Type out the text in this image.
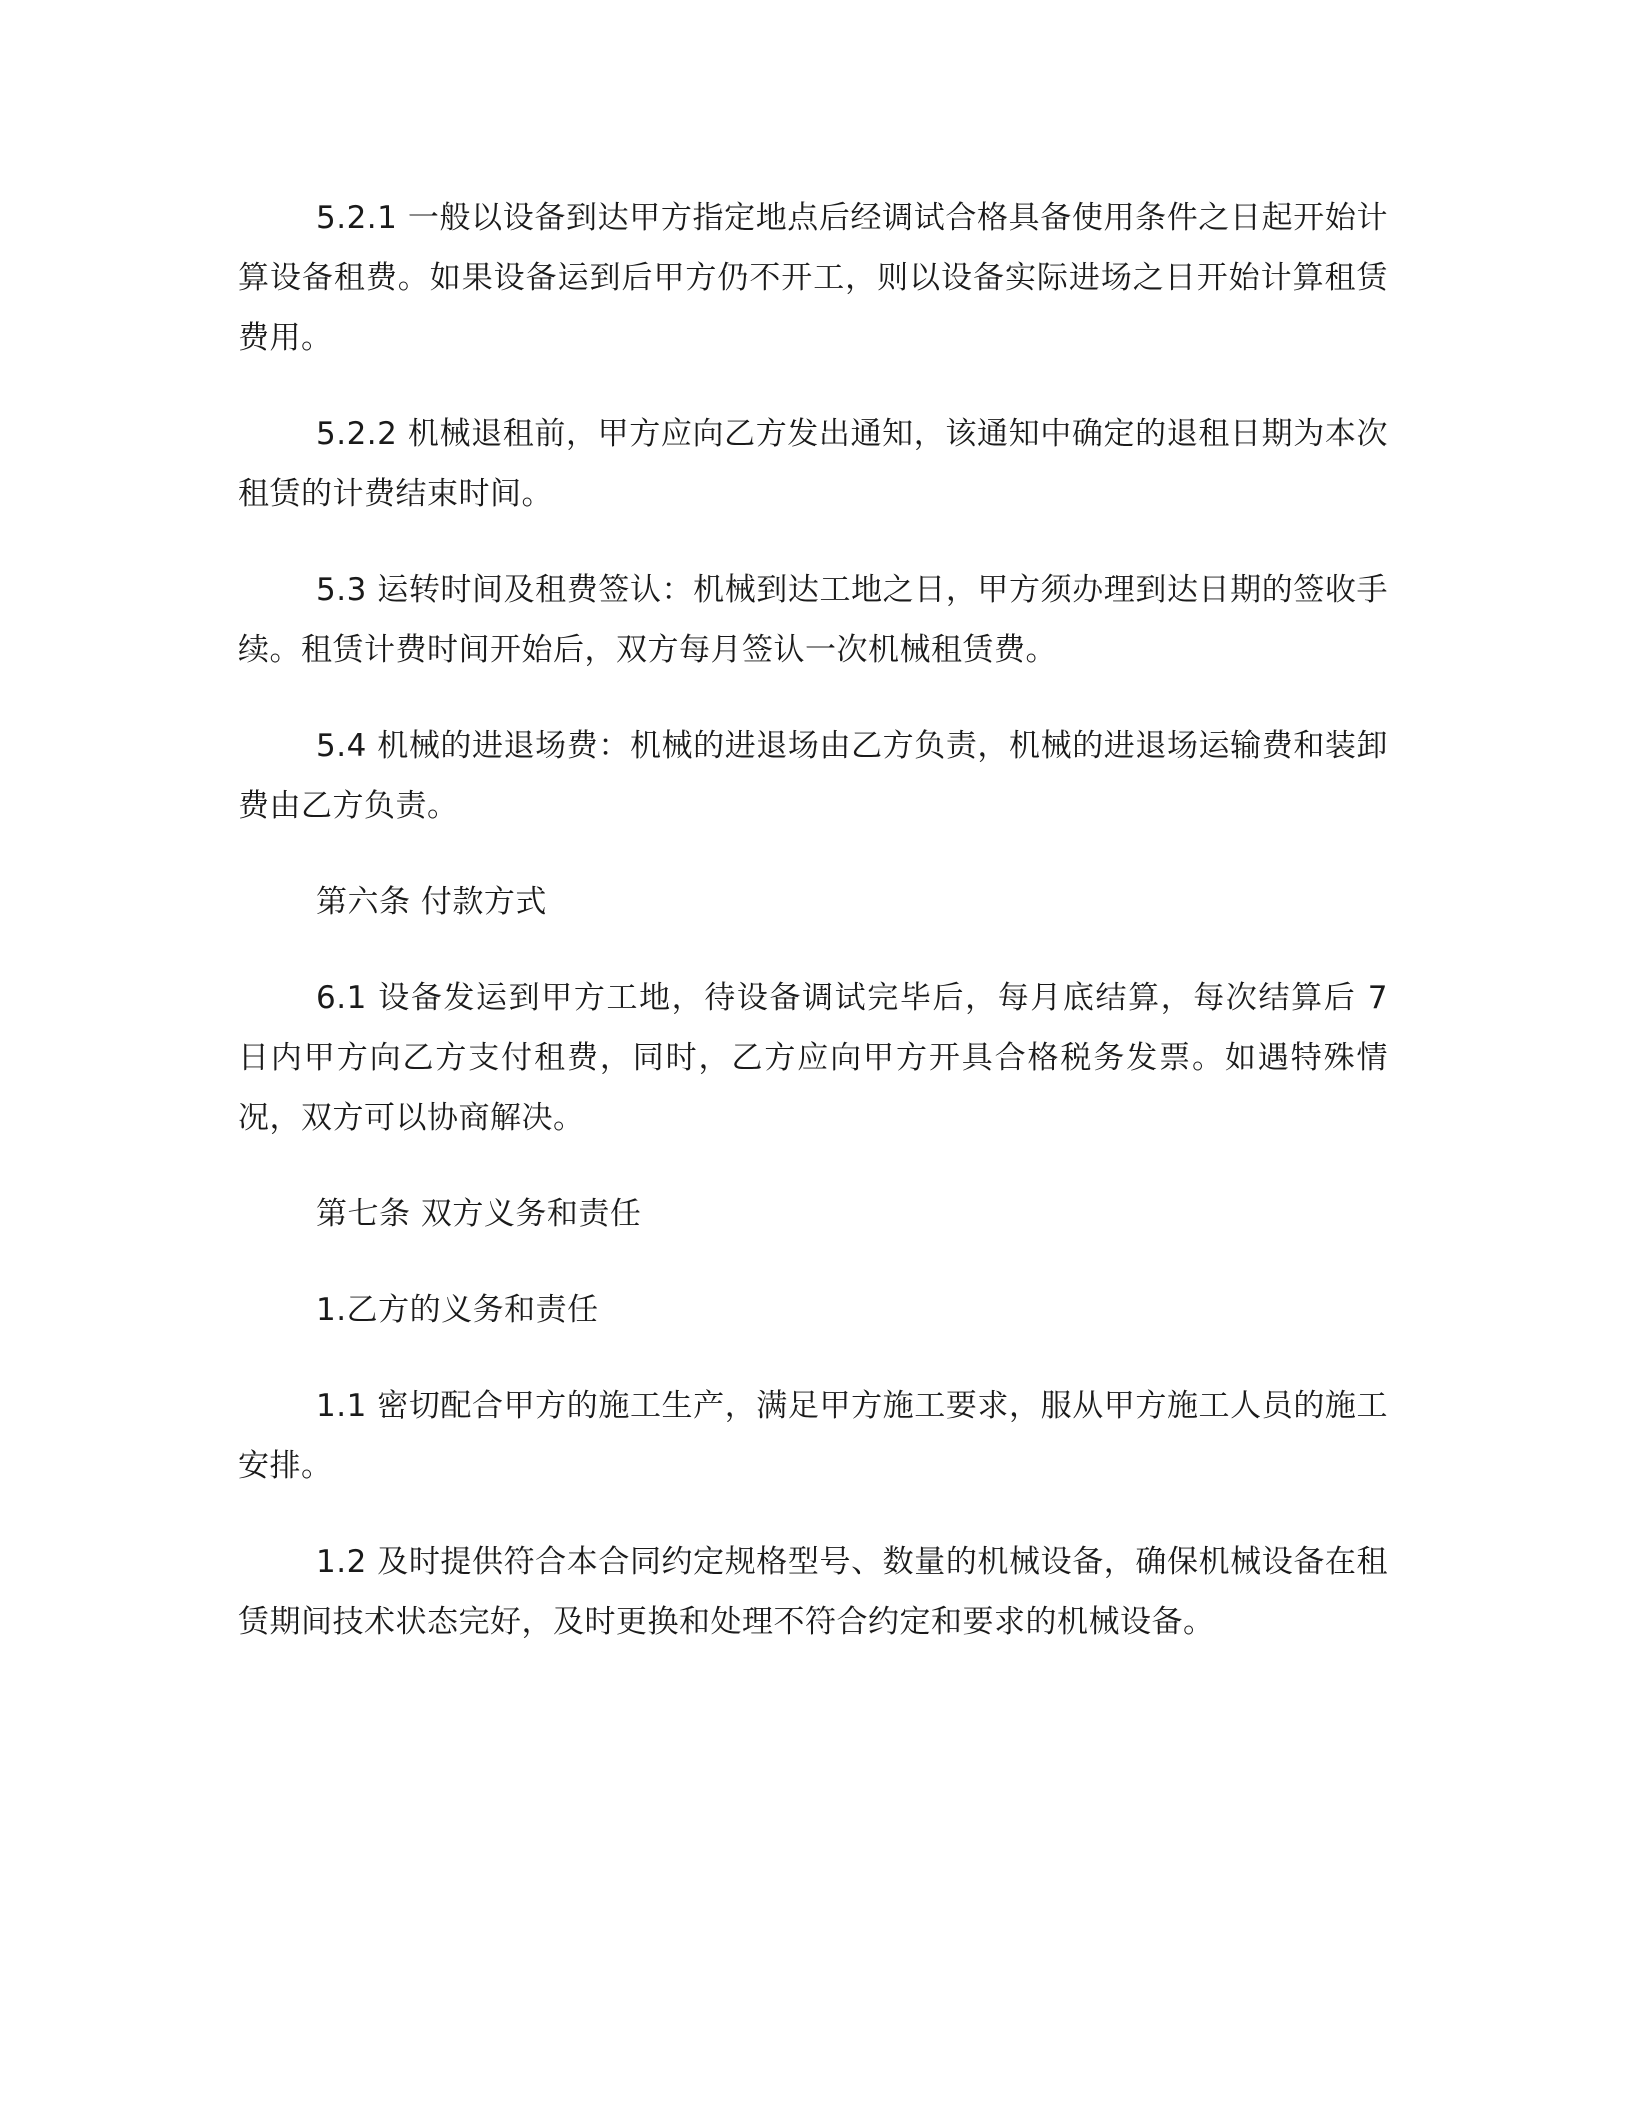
5.2.1 一般以设备到达甲方指定地点后经调试合格具备使用条件之日起开始计算设备租费。如果设备运到后甲方仍不开工，则以设备实际进场之日开始计算租赁费用。

5.2.2 机械退租前，甲方应向乙方发出通知，该通知中确定的退租日期为本次租赁的计费结束时间。

5.3 运转时间及租费签认：机械到达工地之日，甲方须办理到达日期的签收手续。租赁计费时间开始后，双方每月签认一次机械租赁费。

5.4 机械的进退场费：机械的进退场由乙方负责，机械的进退场运输费和装卸费由乙方负责。

第六条 付款方式

6.1 设备发运到甲方工地，待设备调试完毕后，每月底结算，每次结算后 7 日内甲方向乙方支付租费，同时，乙方应向甲方开具合格税务发票。如遇特殊情况，双方可以协商解决。

第七条 双方义务和责任

1.乙方的义务和责任

1.1 密切配合甲方的施工生产，满足甲方施工要求，服从甲方施工人员的施工安排。

1.2 及时提供符合本合同约定规格型号、数量的机械设备，确保机械设备在租赁期间技术状态完好，及时更换和处理不符合约定和要求的机械设备。
